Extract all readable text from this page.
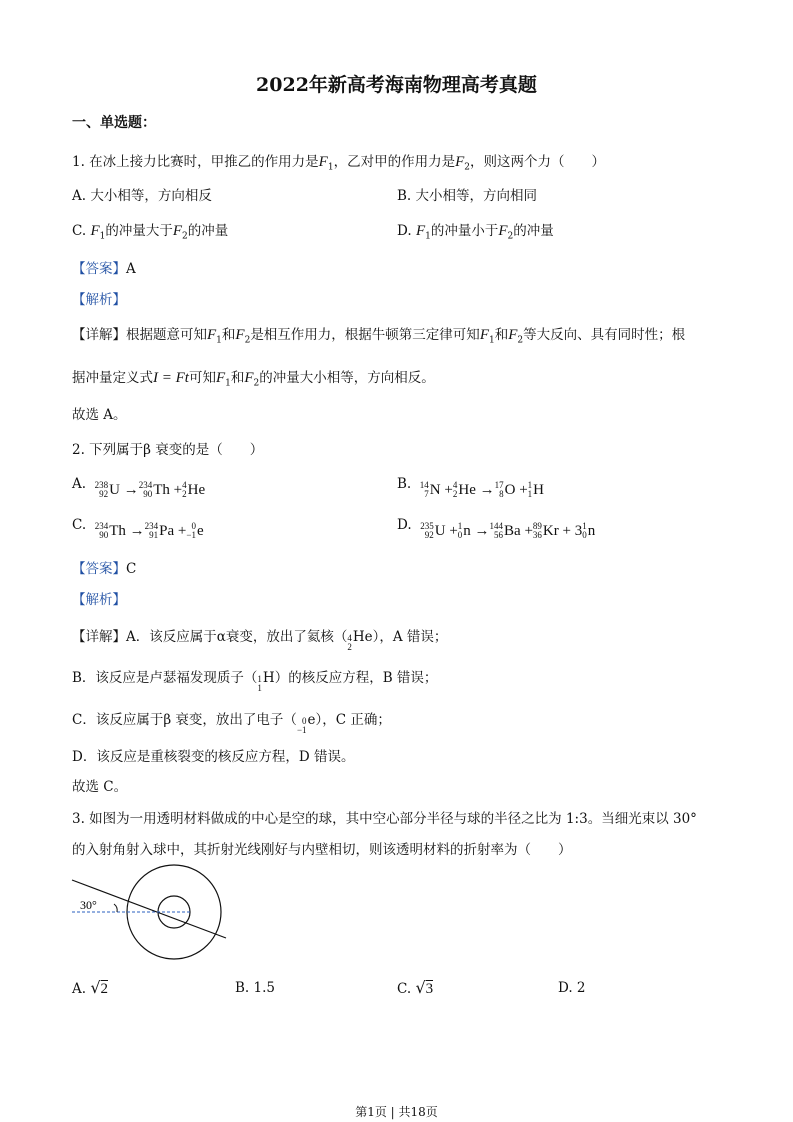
2022年新高考海南物理高考真题
一、单选题：
1. 在冰上接力比赛时，甲推乙的作用力是$F_1$，乙对甲的作用力是$F_2$，则这两个力（　　）
A. 大小相等，方向相反	B. 大小相等，方向相同
C. $F_1$的冲量大于$F_2$的冲量	D. $F_1$的冲量小于$F_2$的冲量
【答案】A
【解析】
【详解】根据题意可知$F_1$和$F_2$是相互作用力，根据牛顿第三定律可知$F_1$和$F_2$等大反向、具有同时性；根
据冲量定义式I = Ft可知$F_1$和$F_2$的冲量大小相等，方向相反。
故选 A。
2. 下列属于β 衰变的是（　　）
A. 238
92 U → 234
90 Th + 4
2 He	B. 14
7 N + 4
2 He → 17
8 O + 1
1 H
C. 234
90 Th → 234
91 Pa + 0
−1 e	D. 235
92 U + 1
0 n → 144
56 Ba + 89
36 Kr + 3 1
0 n
【答案】C
【解析】
【详解】A．该反应属于α衰变，放出了氦核（ 4
2
He），A 错误；
B．该反应是卢瑟福发现质子（ 1
1
H）的核反应方程，B 错误；
C．该反应属于β 衰变，放出了电子（ 0
−1
e），C 正确；
D．该反应是重核裂变的核反应方程，D 错误。
故选 C。
3. 如图为一用透明材料做成的中心是空的球，其中空心部分半径与球的半径之比为 1:3。当细光束以 30°
的入射角射入球中，其折射光线刚好与内壁相切，则该透明材料的折射率为（　　）
30°
A. √2	B. 1.5	C. √3	D. 2
第1页 | 共18页
